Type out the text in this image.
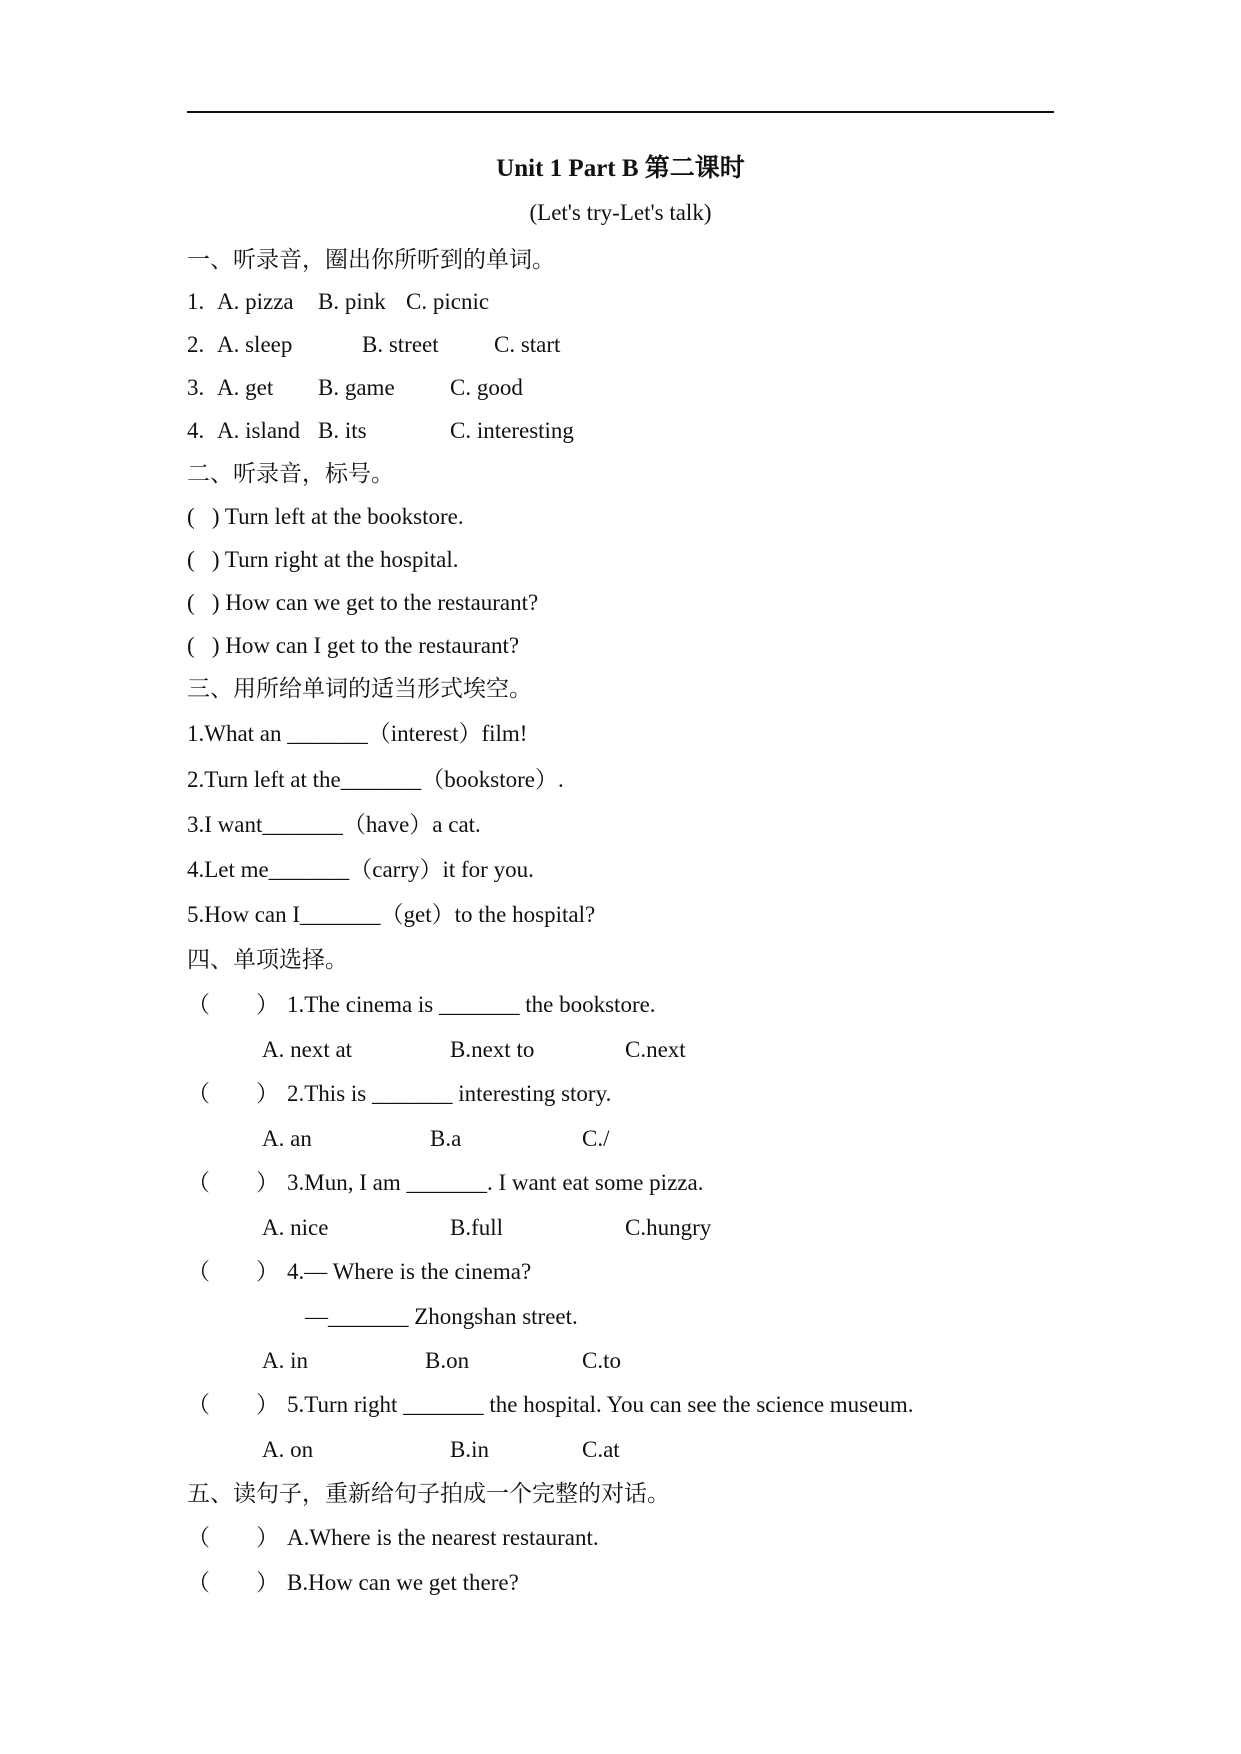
Unit 1 Part B 第二课时
(Let's try-Let's talk)
一、听录音，圈出你所听到的单词。
1. A. pizza B. pink C. picnic
2. A. sleep	B. street C. start
3. A. get B. game C. good
4. A. island B. its	C. interesting
二、听录音，标号。
(   ) Turn left at the bookstore.
(   ) Turn right at the hospital.
(   ) How can we get to the restaurant?
(   ) How can I get to the restaurant?
三、用所给单词的适当形式埃空。
1.What an _______（interest）film!
2.Turn left at the_______（bookstore）.
3.I want_______（have）a cat.
4.Let me_______（carry）it for you.
5.How can I_______（get）to the hospital?
四、单项选择。
（        ） 1.The cinema is _______ the bookstore.
A. next at	B.next to	C.next
（        ） 2.This is _______ interesting story.
A. an	B.a	C./
（        ） 3.Mun, I am _______. I want eat some pizza.
A. nice	B.full	C.hungry
（        ） 4.— Where is the cinema?
—_______ Zhongshan street.
A. in	B.on	C.to
（        ） 5.Turn right _______ the hospital. You can see the science museum.
A. on	B.in	C.at
五、读句子，重新给句子拍成一个完整的对话。
（        ） A.Where is the nearest restaurant.
（        ） B.How can we get there?
